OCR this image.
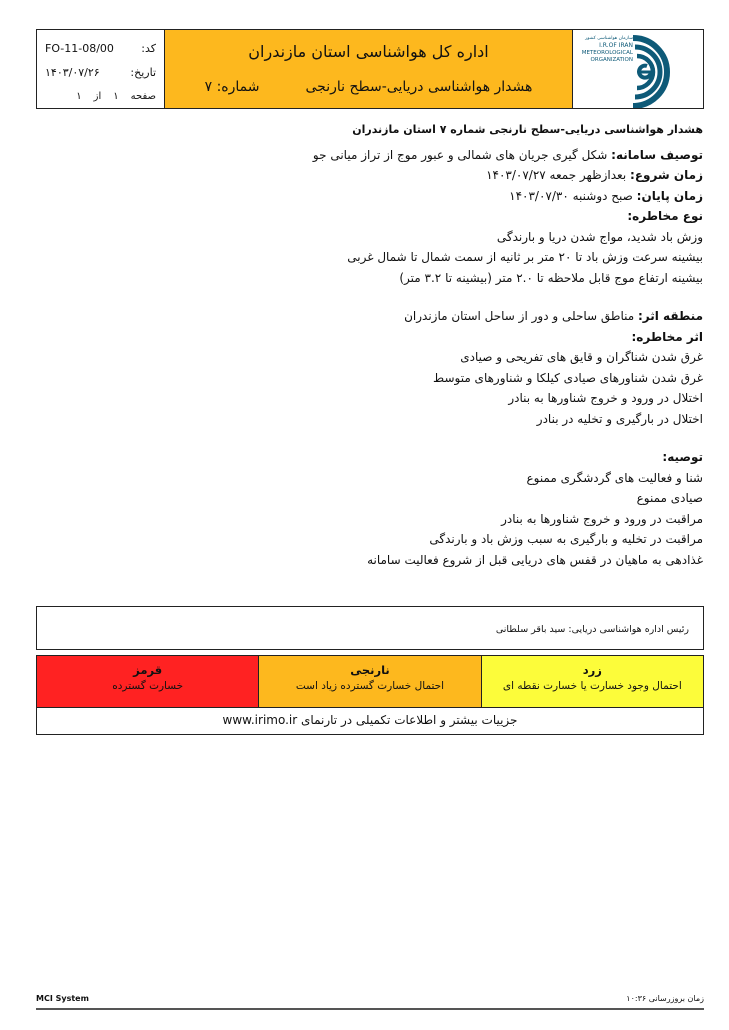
کد:
FO-11-08/00
تاریخ:
۱۴۰۳/۰۷/۲۶
صفحه
۱
از
۱
اداره کل هواشناسی استان مازندران
هشدار هواشناسی دریایی-سطح نارنجی
شماره: ۷
سازمان هواشناسی کشور
I.R.OF IRAN
METEOROLOGICAL
ORGANIZATION
هشدار هواشناسی دریایی-سطح نارنجی شماره ۷ استان مازندران
توصیف سامانه: شکل گیری جریان های شمالی و عبور موج از تراز میانی جو
زمان شروع: بعدازظهر جمعه ۱۴۰۳/۰۷/۲۷
زمان پایان: صبح دوشنبه ۱۴۰۳/۰۷/۳۰
نوع مخاطره:
وزش باد شدید، مواج شدن دریا و بارندگی
بیشینه سرعت وزش باد تا ۲۰ متر بر ثانیه از سمت شمال تا شمال غربی
بیشینه ارتفاع موج قابل ملاحظه تا ۲.۰ متر (بیشینه تا ۳.۲ متر)
منطقه اثر: مناطق ساحلی و دور از ساحل استان مازندران
اثر مخاطره:
غرق شدن شناگران و قایق های تفریحی و صیادی
غرق شدن شناورهای صیادی کیلکا و شناورهای متوسط
اختلال در ورود و خروج شناورها به بنادر
اختلال در بارگیری و تخلیه در بنادر
توصیه:
شنا و فعالیت های گردشگری ممنوع
صیادی ممنوع
مراقبت در ورود و خروج شناورها به بنادر
مراقبت در تخلیه و بارگیری به سبب وزش باد و بارندگی
غذادهی به ماهیان در قفس های دریایی قبل از شروع فعالیت سامانه
رئیس اداره هواشناسی دریایی: سید باقر سلطانی
قرمز
خسارت گسترده
نارنجی
احتمال خسارت گسترده زیاد است
زرد
احتمال وجود خسارت یا خسارت نقطه ای
جزییات بیشتر و اطلاعات تکمیلی در تارنمای www.irimo.ir
MCI System	زمان بروزرسانی ۱۰:۳۶
